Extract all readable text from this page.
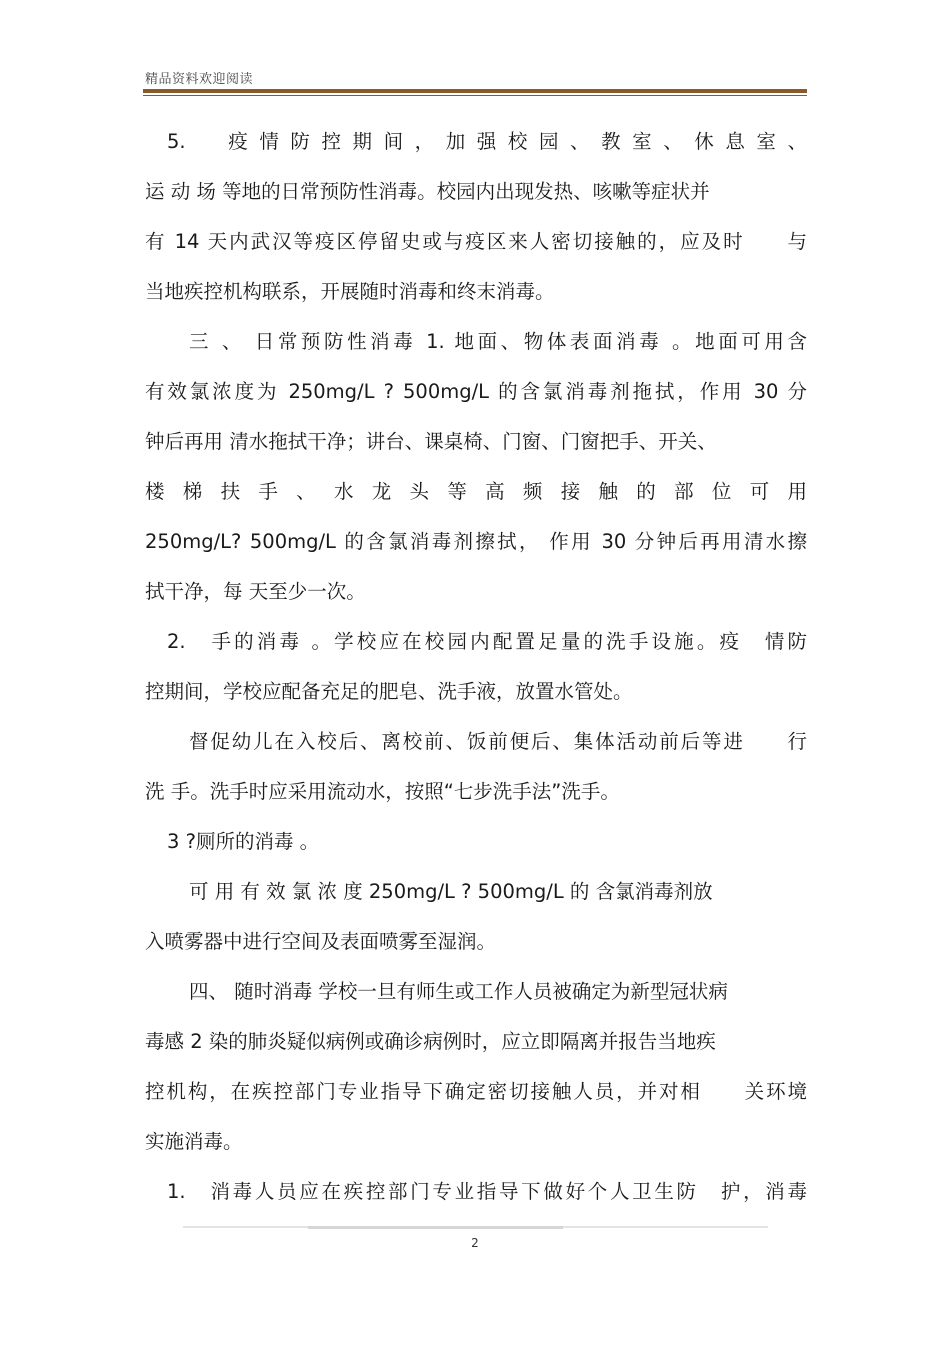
精品资料欢迎阅读
5.　疫情防控期间，加强校园、教室、休息室、
运 动 场 等地的日常预防性消毒。校园内出现发热、咳嗽等症状并
有 14 天内武汉等疫区停留史或与疫区来人密切接触的，应及时　　与
当地疾控机构联系，开展随时消毒和终末消毒。
三 、 日常预防性消毒 1. 地面、物体表面消毒 。地面可用含
有效氯浓度为 250mg/L ? 500mg/L 的含氯消毒剂拖拭，作用 30 分
钟后再用 清水拖拭干净；讲台、课桌椅、门窗、门窗把手、开关、
楼梯扶手、水龙头等高频接触的部位可用
250mg/L? 500mg/L 的含氯消毒剂擦拭， 作用 30 分钟后再用清水擦
拭干净，每 天至少一次。
2.　手的消毒 。学校应在校园内配置足量的洗手设施。疫　情防
控期间，学校应配备充足的肥皂、洗手液，放置水管处。
督促幼儿在入校后、离校前、饭前便后、集体活动前后等进　　行
洗 手。洗手时应采用流动水，按照“七步洗手法”洗手。
3 ?厕所的消毒 。
可 用 有 效 氯 浓 度 250mg/L ? 500mg/L 的 含氯消毒剂放
入喷雾器中进行空间及表面喷雾至湿润。
四、 随时消毒 学校一旦有师生或工作人员被确定为新型冠状病
毒感 2 染的肺炎疑似病例或确诊病例时，应立即隔离并报告当地疾
控机构，在疾控部门专业指导下确定密切接触人员，并对相　　关环境
实施消毒。
1.　消毒人员应在疾控部门专业指导下做好个人卫生防　护，消毒
2
